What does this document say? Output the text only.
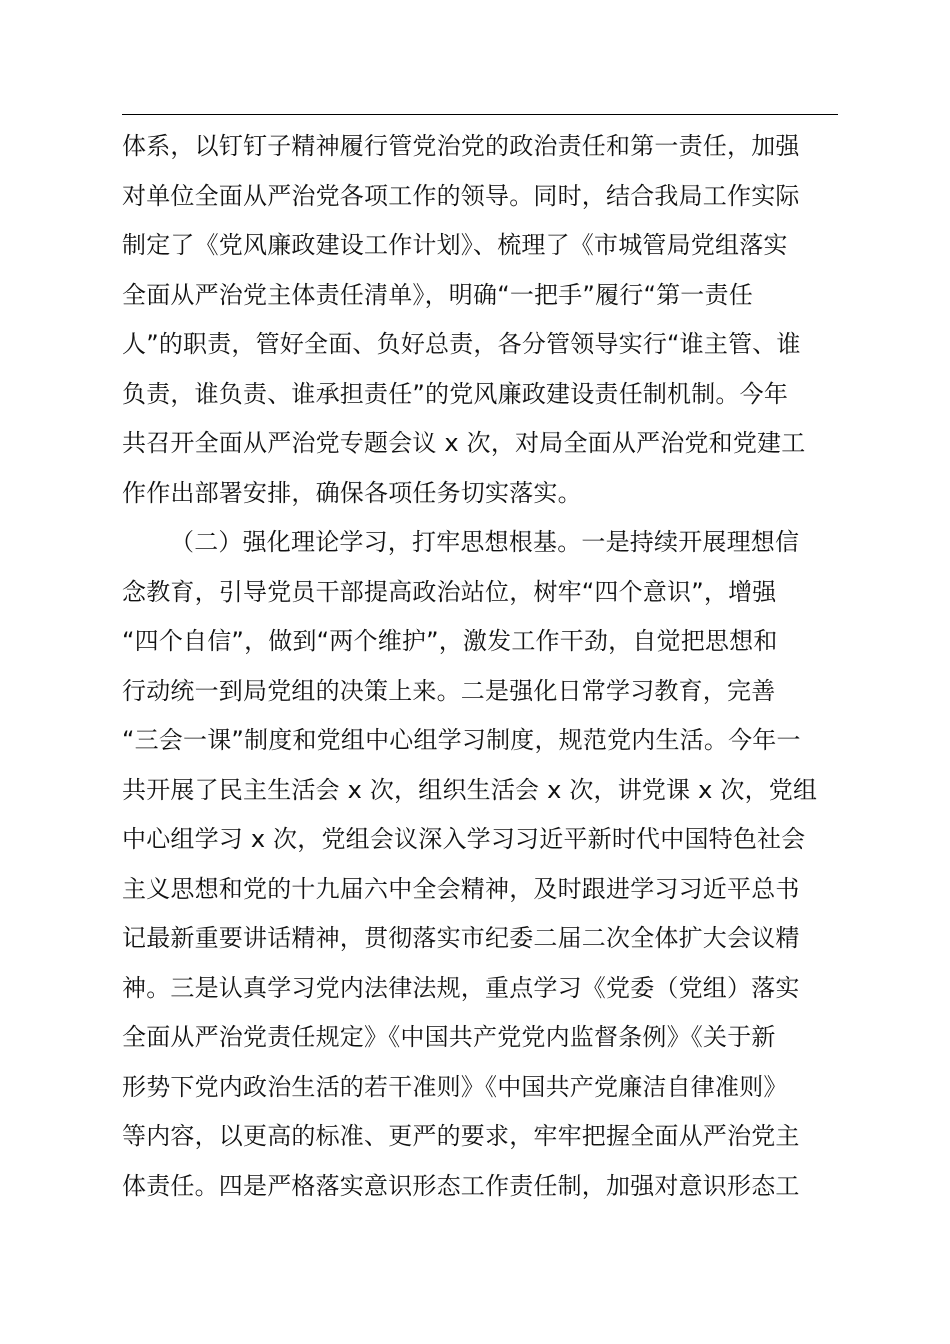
体系，以钉钉子精神履行管党治党的政治责任和第一责任，加强
对单位全面从严治党各项工作的领导。同时，结合我局工作实际
制定了《党风廉政建设工作计划》、梳理了《市城管局党组落实
全面从严治党主体责任清单》，明确“一把手”履行“第一责任
人”的职责，管好全面、负好总责，各分管领导实行“谁主管、谁
负责，谁负责、谁承担责任”的党风廉政建设责任制机制。今年
共召开全面从严治党专题会议 x 次，对局全面从严治党和党建工
作作出部署安排，确保各项任务切实落实。
（二）强化理论学习，打牢思想根基。一是持续开展理想信
念教育，引导党员干部提高政治站位，树牢“四个意识”，增强
“四个自信”，做到“两个维护”，激发工作干劲，自觉把思想和
行动统一到局党组的决策上来。二是强化日常学习教育，完善
“三会一课”制度和党组中心组学习制度，规范党内生活。今年一
共开展了民主生活会 x 次，组织生活会 x 次，讲党课 x 次，党组
中心组学习 x 次，党组会议深入学习习近平新时代中国特色社会
主义思想和党的十九届六中全会精神，及时跟进学习习近平总书
记最新重要讲话精神，贯彻落实市纪委二届二次全体扩大会议精
神。三是认真学习党内法律法规，重点学习《党委（党组）落实
全面从严治党责任规定》《中国共产党党内监督条例》《关于新
形势下党内政治生活的若干准则》《中国共产党廉洁自律准则》
等内容，以更高的标准、更严的要求，牢牢把握全面从严治党主
体责任。四是严格落实意识形态工作责任制，加强对意识形态工
